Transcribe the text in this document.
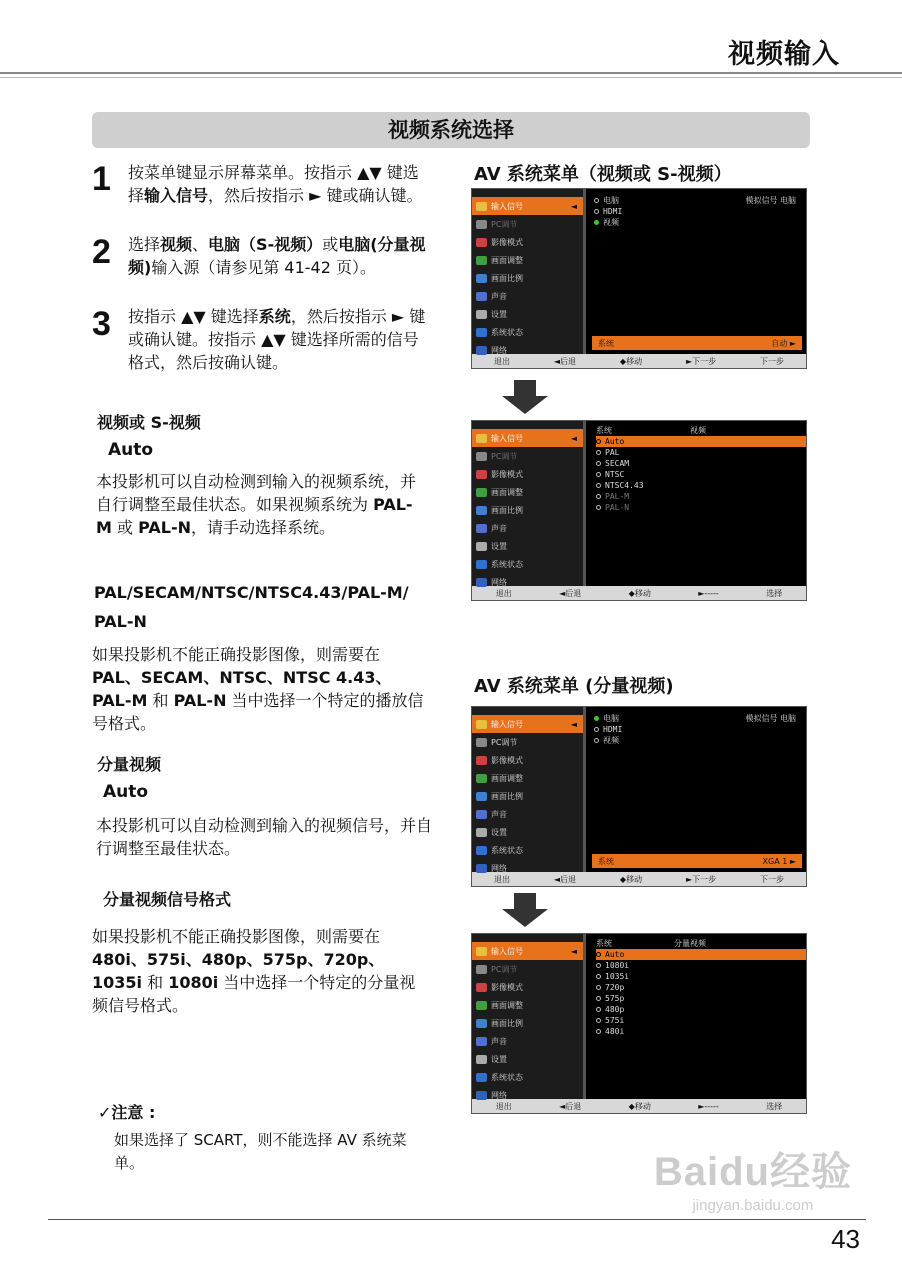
视频输入
视频系统选择
1 按菜单键显示屏幕菜单。按指示 ▲▼ 键选择输入信号，然后按指示 ► 键或确认键。
2 选择视频、电脑（S-视频）或电脑(分量视频)输入源（请参见第 41-42 页）。
3 按指示 ▲▼ 键选择系统，然后按指示 ► 键或确认键。按指示 ▲▼ 键选择所需的信号格式，然后按确认键。
视频或 S-视频
Auto
本投影机可以自动检测到输入的视频系统，并自行调整至最佳状态。如果视频系统为 PAL-M 或 PAL-N，请手动选择系统。
PAL/SECAM/NTSC/NTSC4.43/PAL-M/
PAL-N
如果投影机不能正确投影图像，则需要在 PAL、SECAM、NTSC、NTSC 4.43、PAL-M 和 PAL-N 当中选择一个特定的播放信号格式。
分量视频
Auto
本投影机可以自动检测到输入的视频信号，并自行调整至最佳状态。
分量视频信号格式
如果投影机不能正确投影图像，则需要在 480i、575i、480p、575p、720p、1035i 和 1080i 当中选择一个特定的分量视频信号格式。
✓注意 :
如果选择了 SCART，则不能选择 AV 系统菜单。
AV 系统菜单（视频或 S-视频）
AV 系统菜单 (分量视频)
输入信号	◄
PC调节
影像模式
画面调整
画面比例
声音
设置
系统状态
网络
电脑
HDMI
视频
模拟信号 电脑
系统	自动 ►
退出	◄后退	◆移动	►下一步	下一步
输入信号	◄
PC调节
影像模式
画面调整
画面比例
声音
设置
系统状态
网络
系统	视频
Auto
PAL
SECAM
NTSC
NTSC4.43
PAL-M
PAL-N
退出	◄后退	◆移动	►-----	选择
输入信号	◄
PC调节
影像模式
画面调整
画面比例
声音
设置
系统状态
网络
电脑
HDMI
视频
模拟信号 电脑
系统	XGA 1 ►
退出	◄后退	◆移动	►下一步	下一步
输入信号	◄
PC调节
影像模式
画面调整
画面比例
声音
设置
系统状态
网络
系统	分量视频
Auto
1080i
1035i
720p
575p
480p
575i
480i
退出	◄后退	◆移动	►-----	选择
Baidu经验
jingyan.baidu.com
43
